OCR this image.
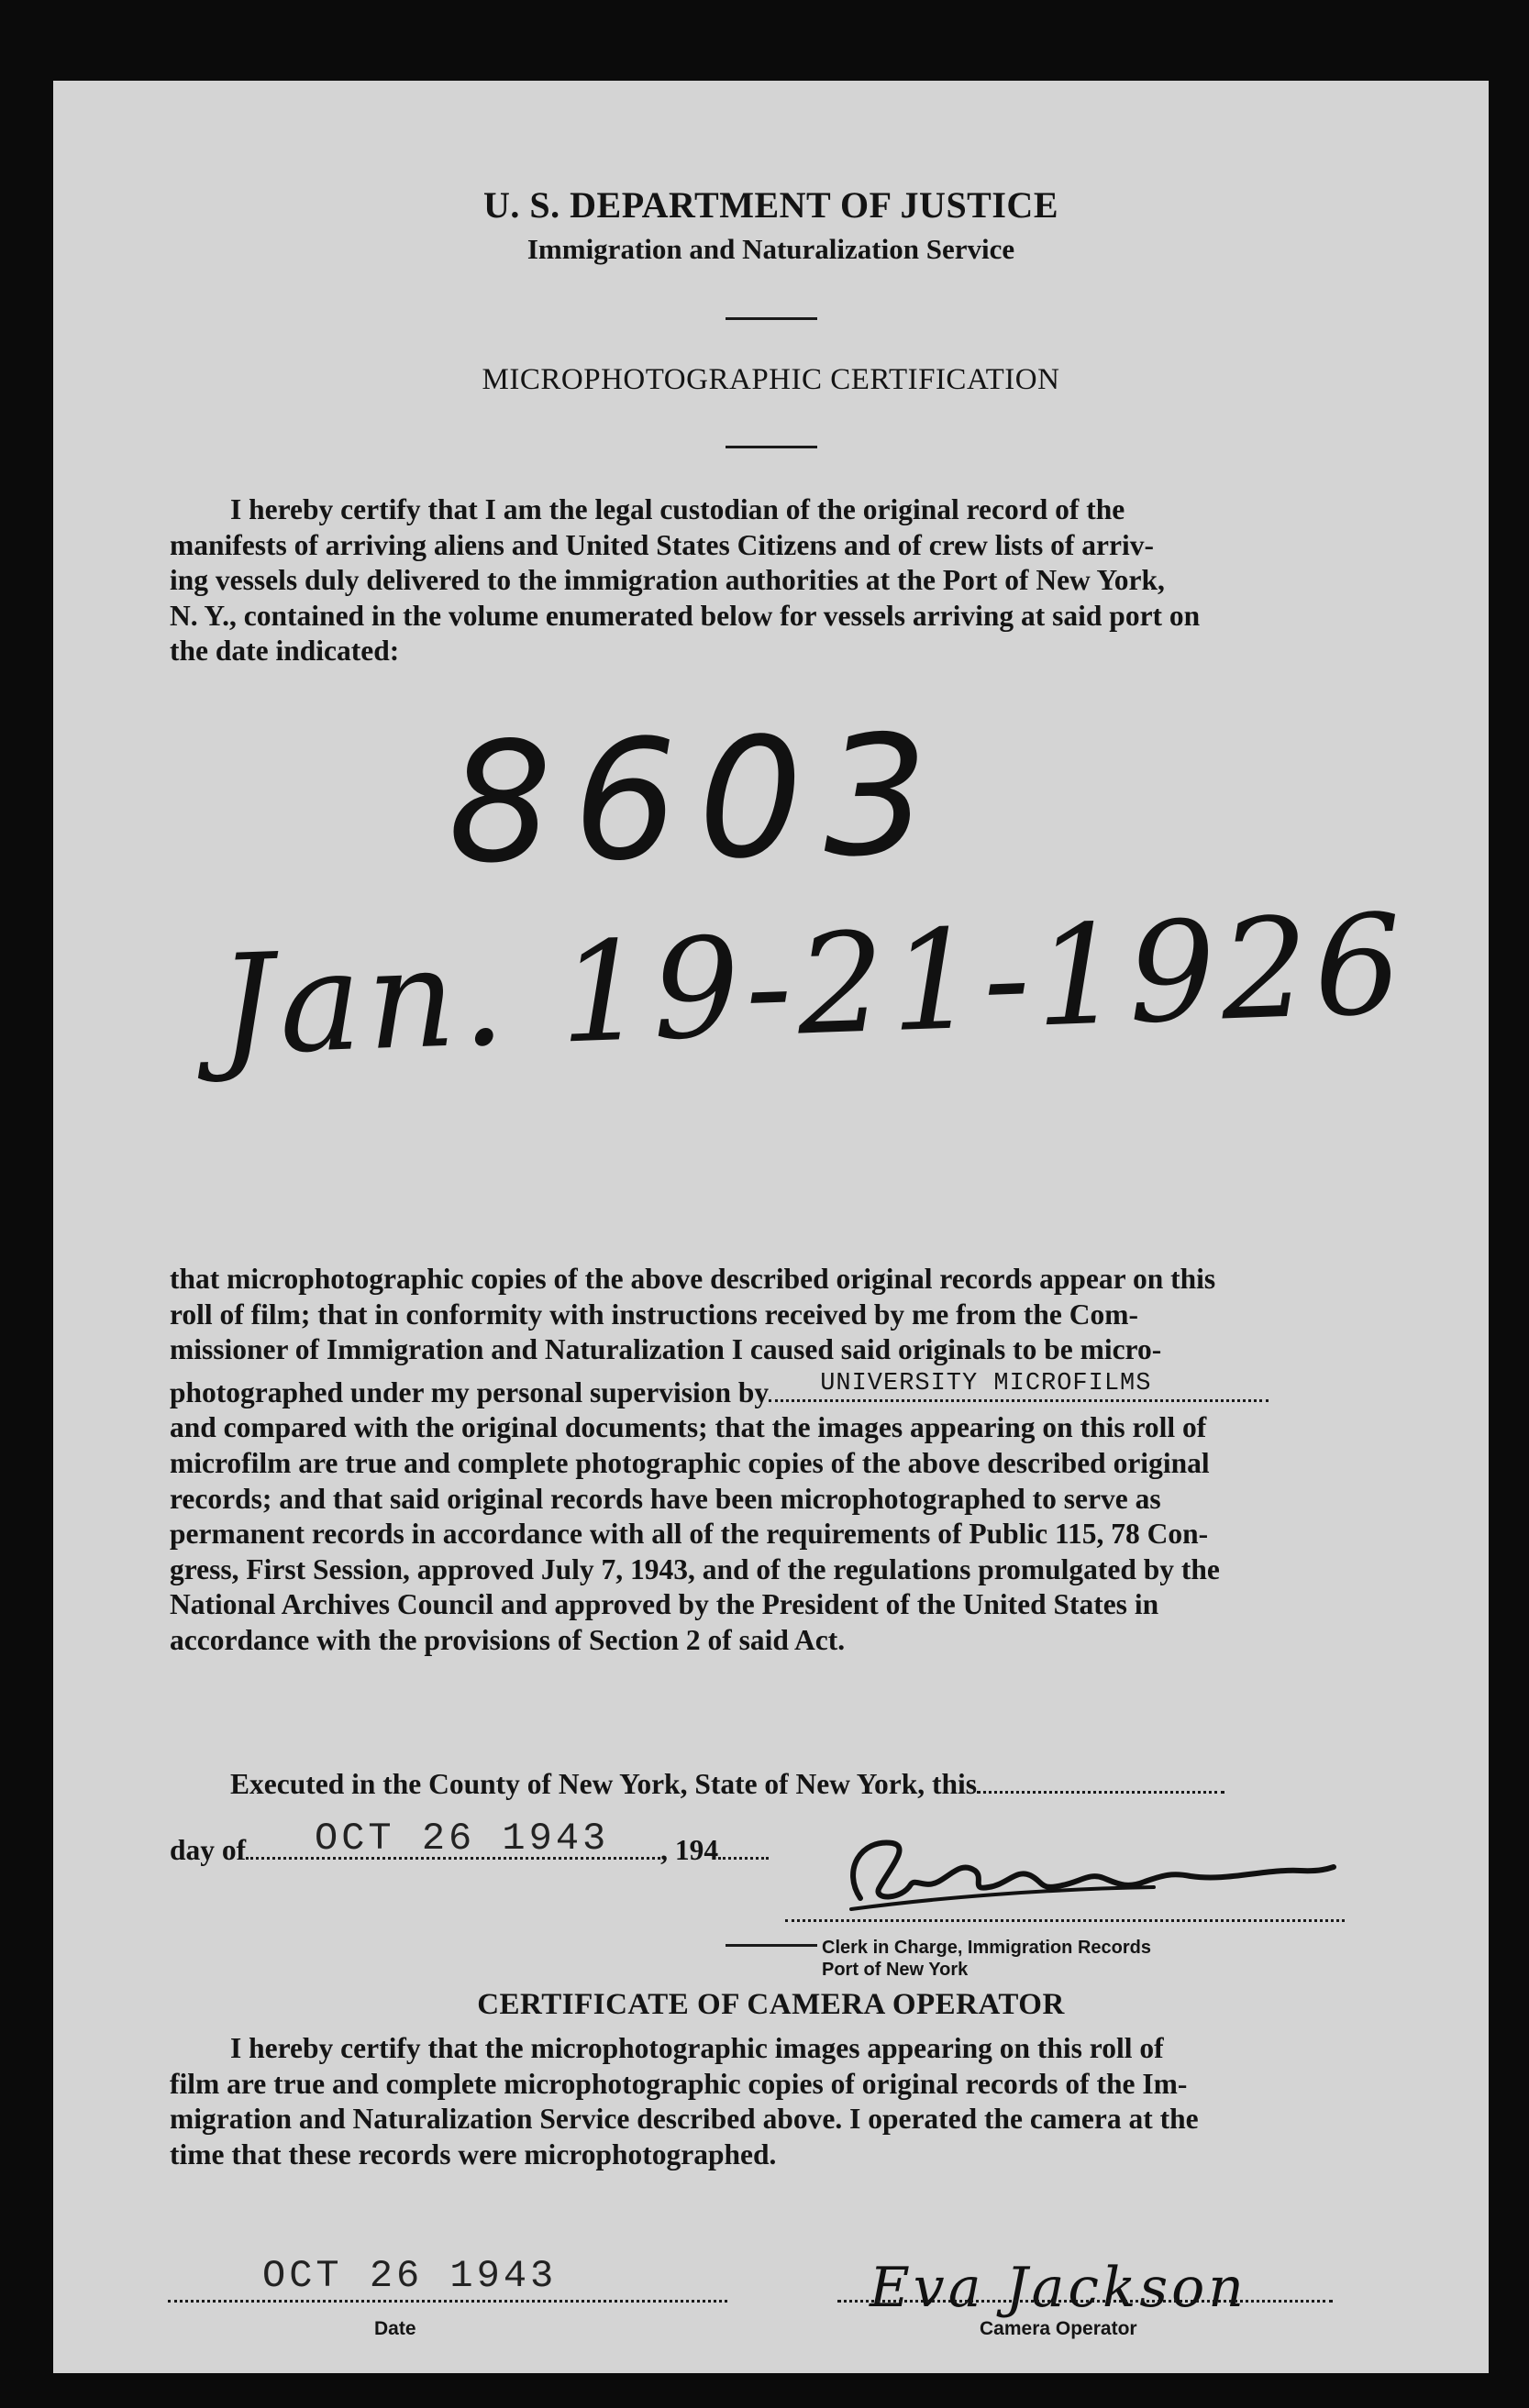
U. S. DEPARTMENT OF JUSTICE
Immigration and Naturalization Service
MICROPHOTOGRAPHIC CERTIFICATION
I hereby certify that I am the legal custodian of the original record of the
manifests of arriving aliens and United States Citizens and of crew lists of arriv-
ing vessels duly delivered to the immigration authorities at the Port of New York,
N. Y., contained in the volume enumerated below for vessels arriving at said port on
the date indicated:
8603
Jan. 19-21-1926
that microphotographic copies of the above described original records appear on this
roll of film; that in conformity with instructions received by me from the Com-
missioner of Immigration and Naturalization I caused said originals to be micro-
photographed under my personal supervision by UNIVERSITY MICROFILMS
and compared with the original documents; that the images appearing on this roll of
microfilm are true and complete photographic copies of the above described original
records; and that said original records have been microphotographed to serve as
permanent records in accordance with all of the requirements of Public 115, 78 Con-
gress, First Session, approved July 7, 1943, and of the regulations promulgated by the
National Archives Council and approved by the President of the United States in
accordance with the provisions of Section 2 of said Act.
Executed in the County of New York, State of New York, this
day of	, 194
OCT 26 1943
Clerk in Charge, Immigration Records
Port of New York
CERTIFICATE OF CAMERA OPERATOR
I hereby certify that the microphotographic images appearing on this roll of
film are true and complete microphotographic copies of original records of the Im-
migration and Naturalization Service described above. I operated the camera at the
time that these records were microphotographed.
OCT 26 1943
Date
Eva Jackson
Camera Operator
